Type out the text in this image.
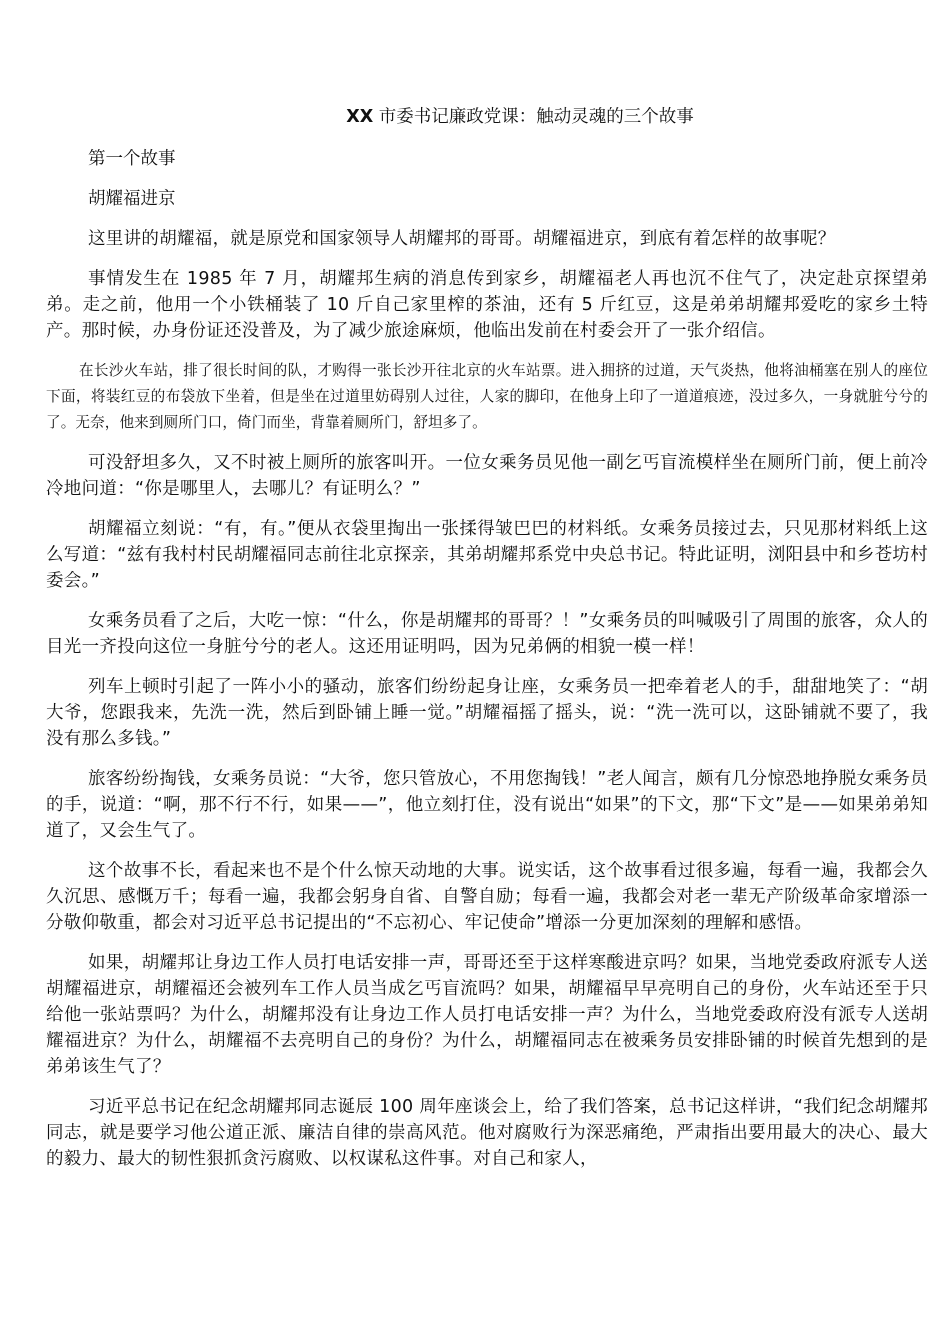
XX 市委书记廉政党课：触动灵魂的三个故事
第一个故事
胡耀福进京

这里讲的胡耀福，就是原党和国家领导人胡耀邦的哥哥。胡耀福进京，到底有着怎样的故事呢？

事情发生在 1985 年 7 月，胡耀邦生病的消息传到家乡，胡耀福老人再也沉不住气了，决定赴京探望弟弟。走之前，他用一个小铁桶装了 10 斤自己家里榨的茶油，还有 5 斤红豆，这是弟弟胡耀邦爱吃的家乡土特产。那时候，办身份证还没普及，为了减少旅途麻烦，他临出发前在村委会开了一张介绍信。

在长沙火车站，排了很长时间的队，才购得一张长沙开往北京的火车站票。进入拥挤的过道，天气炎热，他将油桶塞在别人的座位下面，将装红豆的布袋放下坐着，但是坐在过道里妨碍别人过往，人家的脚印，在他身上印了一道道痕迹，没过多久，一身就脏兮兮的了。无奈，他来到厕所门口，倚门而坐，背靠着厕所门，舒坦多了。

可没舒坦多久，又不时被上厕所的旅客叫开。一位女乘务员见他一副乞丐盲流模样坐在厕所门前，便上前冷冷地问道：“你是哪里人，去哪儿？有证明么？”

胡耀福立刻说：“有，有。”便从衣袋里掏出一张揉得皱巴巴的材料纸。女乘务员接过去，只见那材料纸上这么写道：“兹有我村村民胡耀福同志前往北京探亲，其弟胡耀邦系党中央总书记。特此证明，浏阳县中和乡苍坊村委会。”

女乘务员看了之后，大吃一惊：“什么，你是胡耀邦的哥哥？！”女乘务员的叫喊吸引了周围的旅客，众人的目光一齐投向这位一身脏兮兮的老人。这还用证明吗，因为兄弟俩的相貌一模一样！

列车上顿时引起了一阵小小的骚动，旅客们纷纷起身让座，女乘务员一把牵着老人的手，甜甜地笑了：“胡大爷，您跟我来，先洗一洗，然后到卧铺上睡一觉。”胡耀福摇了摇头，说：“洗一洗可以，这卧铺就不要了，我没有那么多钱。”

旅客纷纷掏钱，女乘务员说：“大爷，您只管放心，不用您掏钱！”老人闻言，颇有几分惊恐地挣脱女乘务员的手，说道：“啊，那不行不行，如果——”，他立刻打住，没有说出“如果”的下文，那“下文”是——如果弟弟知道了，又会生气了。

这个故事不长，看起来也不是个什么惊天动地的大事。说实话，这个故事看过很多遍，每看一遍，我都会久久沉思、感慨万千；每看一遍，我都会躬身自省、自警自励；每看一遍，我都会对老一辈无产阶级革命家增添一分敬仰敬重，都会对习近平总书记提出的“不忘初心、牢记使命”增添一分更加深刻的理解和感悟。

如果，胡耀邦让身边工作人员打电话安排一声，哥哥还至于这样寒酸进京吗？如果，当地党委政府派专人送胡耀福进京，胡耀福还会被列车工作人员当成乞丐盲流吗？如果，胡耀福早早亮明自己的身份，火车站还至于只给他一张站票吗？为什么，胡耀邦没有让身边工作人员打电话安排一声？为什么，当地党委政府没有派专人送胡耀福进京？为什么，胡耀福不去亮明自己的身份？为什么，胡耀福同志在被乘务员安排卧铺的时候首先想到的是弟弟该生气了？

习近平总书记在纪念胡耀邦同志诞辰 100 周年座谈会上，给了我们答案，总书记这样讲，“我们纪念胡耀邦同志，就是要学习他公道正派、廉洁自律的崇高风范。他对腐败行为深恶痛绝，严肃指出要用最大的决心、最大的毅力、最大的韧性狠抓贪污腐败、以权谋私这件事。对自己和家人，
